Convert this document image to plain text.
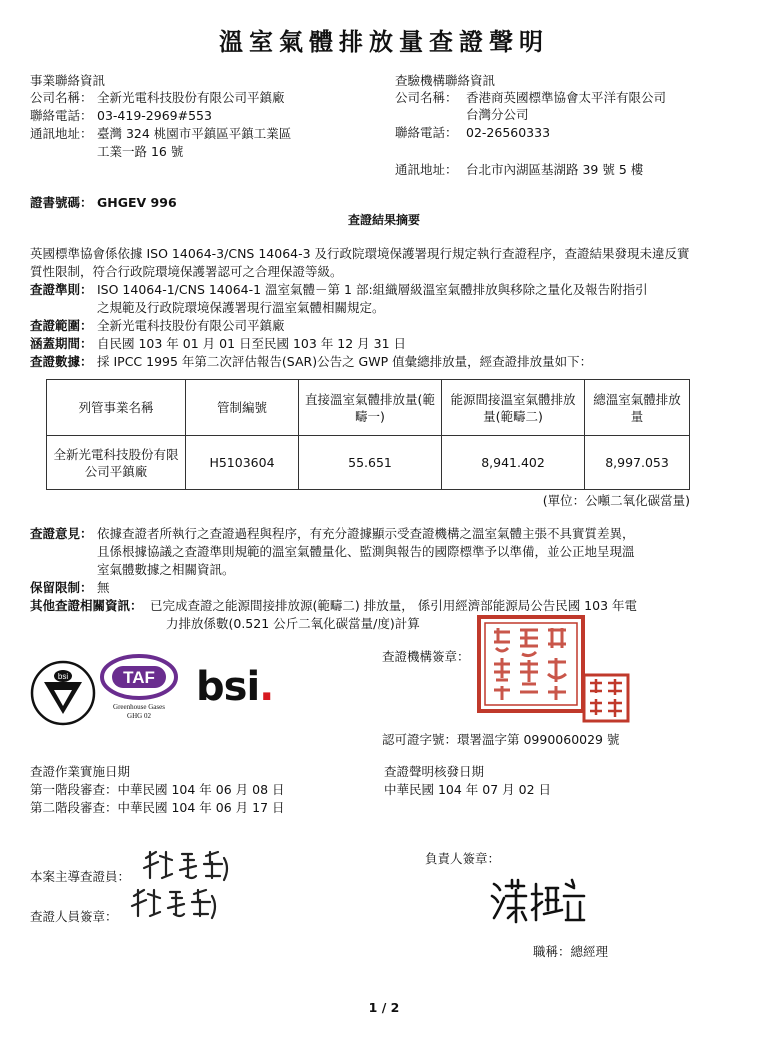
溫室氣體排放量查證聲明
事業聯絡資訊
公司名稱： 全新光電科技股份有限公司平鎮廠
聯絡電話： 03-419-2969#553
通訊地址： 臺灣 324 桃園市平鎮區平鎮工業區
工業一路 16 號
查驗機構聯絡資訊
公司名稱： 香港商英國標準協會太平洋有限公司
台灣分公司
聯絡電話： 02-26560333
通訊地址： 台北市內湖區基湖路 39 號 5 樓
證書號碼： GHGEV 996
查證結果摘要
英國標準協會係依據 ISO 14064-3/CNS 14064-3 及行政院環境保護署現行規定執行查證程序，查證結果發現未違反實質性限制，符合行政院環境保護署認可之合理保證等級。
查證準則： ISO 14064-1/CNS 14064-1 溫室氣體－第 1 部:組織層級溫室氣體排放與移除之量化及報告附指引
之規範及行政院環境保護署現行溫室氣體相關規定。
查證範圍： 全新光電科技股份有限公司平鎮廠
涵蓋期間： 自民國 103 年 01 月 01 日至民國 103 年 12 月 31 日
查證數據： 採 IPCC 1995 年第二次評估報告(SAR)公告之 GWP 值彙總排放量，經查證排放量如下：
列管事業名稱	管制編號	直接溫室氣體排放量(範疇一)	能源間接溫室氣體排放量(範疇二)	總溫室氣體排放量
全新光電科技股份有限公司平鎮廠	H5103604	55.651	8,941.402	8,997.053
(單位：公噸二氧化碳當量)
查證意見： 依據查證者所執行之查證過程與程序，有充分證據顯示受查證機構之溫室氣體主張不具實質差異，
且係根據協議之查證準則規範的溫室氣體量化、監測與報告的國際標準予以準備，並公正地呈現溫
室氣體數據之相關資訊。
保留限制： 無
其他查證相關資訊： 已完成查證之能源間接排放源(範疇二) 排放量， 係引用經濟部能源局公告民國 103 年電
力排放係數(0.521 公斤二氧化碳當量/度)計算
bsi	TAF
Greenhouse Gases
GHG 02
bsi.
查證機構簽章：
認可證字號：環署溫字第 0990060029 號
查證作業實施日期
第一階段審查：中華民國 104 年 06 月 08 日
第二階段審查：中華民國 104 年 06 月 17 日
查證聲明核發日期
中華民國 104 年 07 月 02 日
本案主導查證員：
查證人員簽章：
負責人簽章：
職稱：總經理
1 / 2
